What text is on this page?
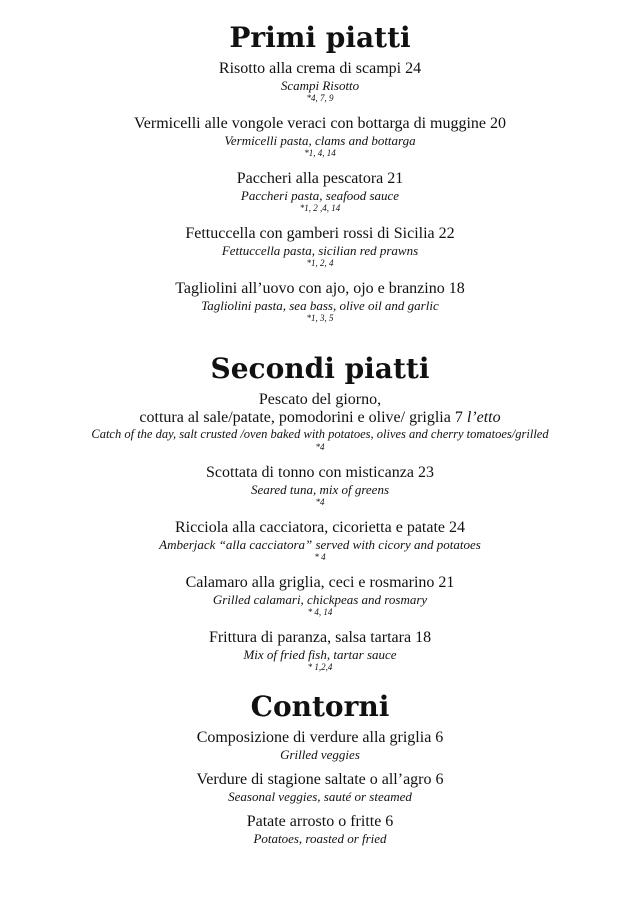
Primi piatti
Risotto alla crema di scampi 24
Scampi Risotto
*4, 7, 9
Vermicelli alle vongole veraci con bottarga di muggine 20
Vermicelli pasta, clams and bottarga
*1, 4, 14
Paccheri alla pescatora 21
Paccheri pasta, seafood sauce
*1, 2 ,4, 14
Fettuccella con gamberi rossi di Sicilia 22
Fettuccella pasta, sicilian red prawns
*1, 2, 4
Tagliolini all’uovo con ajo, ojo e branzino 18
Tagliolini pasta, sea bass, olive oil and garlic
*1, 3, 5
Secondi piatti
Pescato del giorno,
cottura al sale/patate, pomodorini e olive/ griglia 7 l’etto
Catch of the day, salt crusted /oven baked with potatoes, olives and cherry tomatoes/grilled
*4
Scottata di tonno con misticanza 23
Seared tuna, mix of greens
*4
Ricciola alla cacciatora, cicorietta e patate 24
Amberjack “alla cacciatora” served with cicory and potatoes
* 4
Calamaro alla griglia, ceci e rosmarino 21
Grilled calamari, chickpeas and rosmary
* 4, 14
Frittura di paranza, salsa tartara 18
Mix of fried fish, tartar sauce
* 1,2,4
Contorni
Composizione di verdure alla griglia 6
Grilled veggies
Verdure di stagione saltate o all’agro 6
Seasonal veggies, sauté or steamed
Patate arrosto o fritte 6
Potatoes, roasted or fried
